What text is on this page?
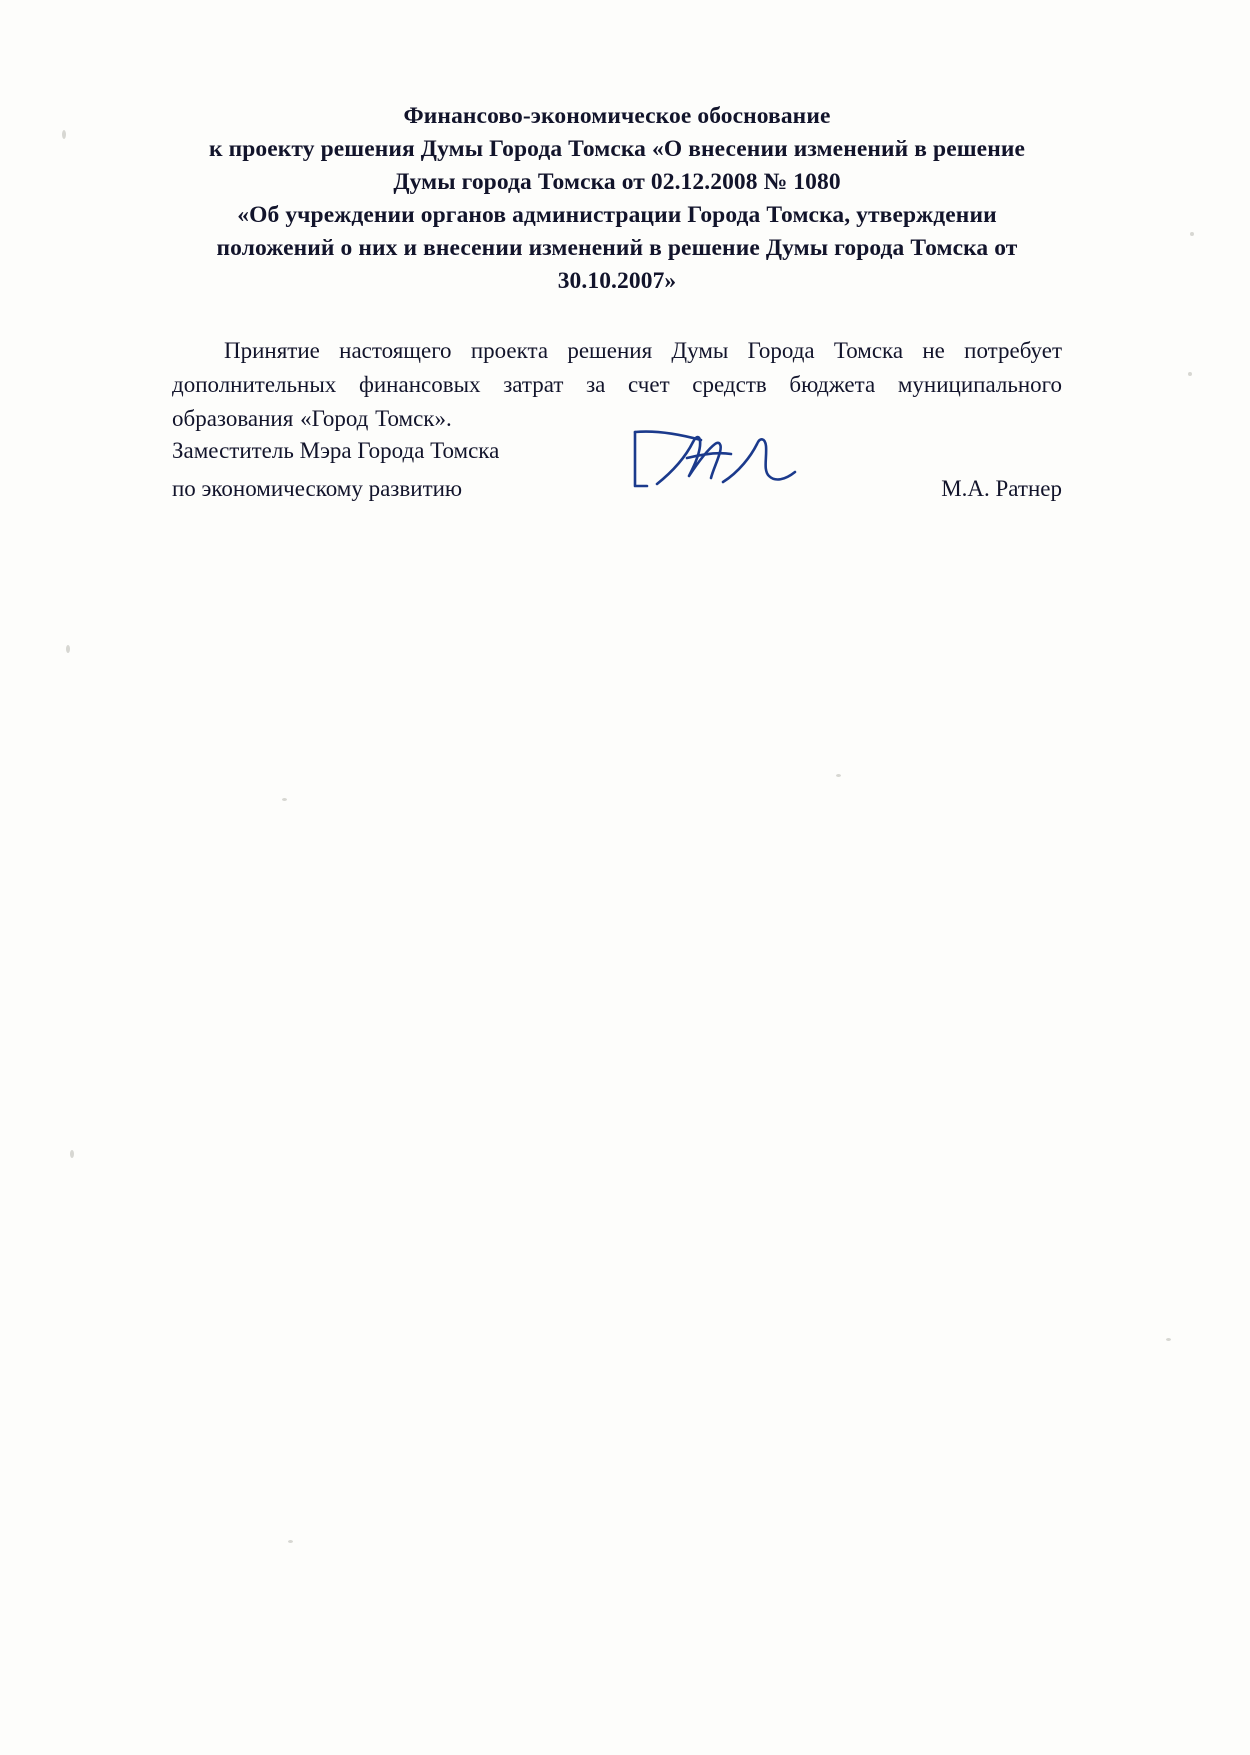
Финансово-экономическое обоснование
к проекту решения Думы Города Томска «О внесении изменений в решение
Думы города Томска от 02.12.2008 № 1080
«Об учреждении органов администрации Города Томска, утверждении
положений о них и внесении изменений в решение Думы города Томска от
30.10.2007»

Принятие настоящего проекта решения Думы Города Томска не потребует дополнительных финансовых затрат за счет средств бюджета муниципального образования «Город Томск».

Заместитель Мэра Города Томска
по экономическому развитию	М.А. Ратнер
